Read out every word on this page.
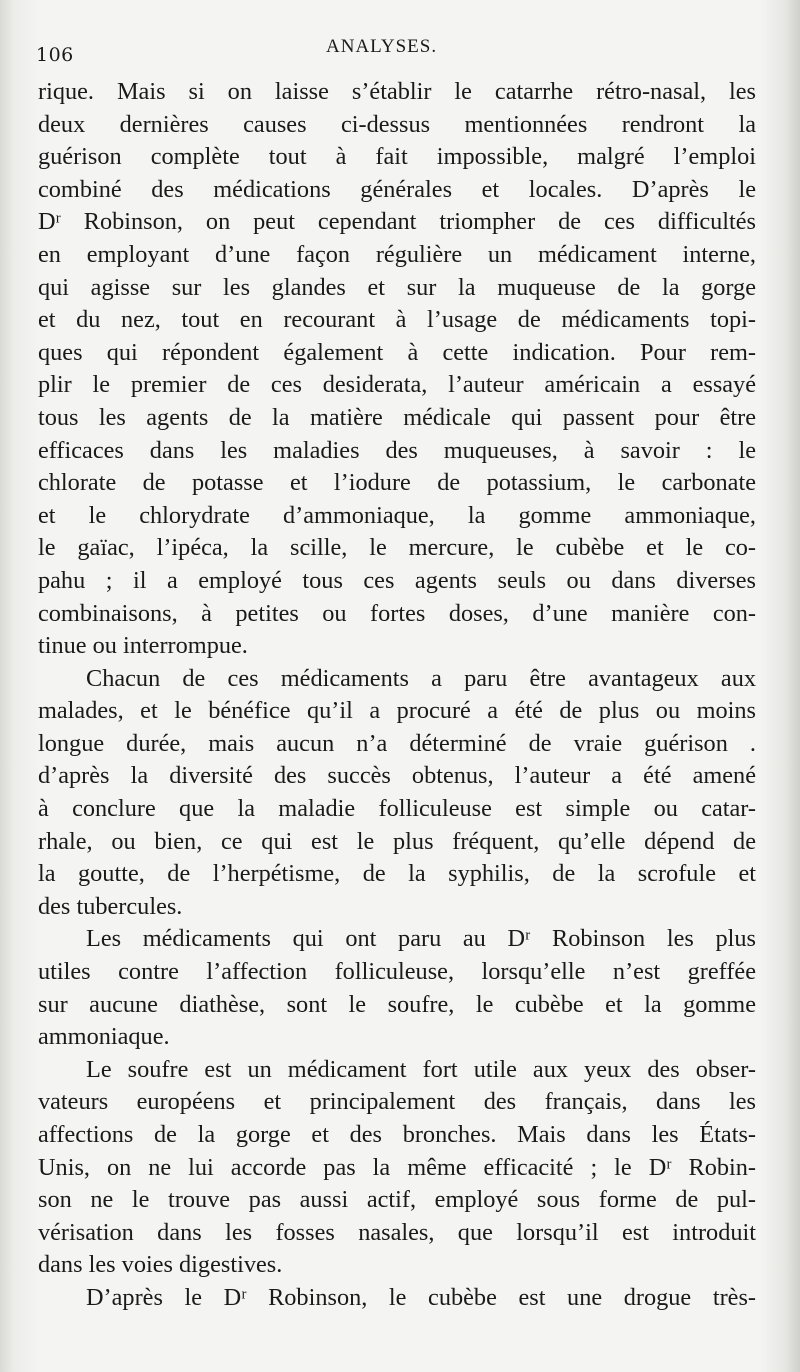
106	ANALYSES.
rique. Mais si on laisse s’établir le catarrhe rétro-nasal, les
deux dernières causes ci-dessus mentionnées rendront la
guérison complète tout à fait impossible, malgré l’emploi
combiné des médications générales et locales. D’après le
Dʳ Robinson, on peut cependant triompher de ces difficultés
en employant d’une façon régulière un médicament interne,
qui agisse sur les glandes et sur la muqueuse de la gorge
et du nez, tout en recourant à l’usage de médicaments topi-
ques qui répondent également à cette indication. Pour rem-
plir le premier de ces desiderata, l’auteur américain a essayé
tous les agents de la matière médicale qui passent pour être
efficaces dans les maladies des muqueuses, à savoir : le
chlorate de potasse et l’iodure de potassium, le carbonate
et le chlorydrate d’ammoniaque, la gomme ammoniaque,
le gaïac, l’ipéca, la scille, le mercure, le cubèbe et le co-
pahu ; il a employé tous ces agents seuls ou dans diverses
combinaisons, à petites ou fortes doses, d’une manière con-
tinue ou interrompue.
Chacun de ces médicaments a paru être avantageux aux
malades, et le bénéfice qu’il a procuré a été de plus ou moins
longue durée, mais aucun n’a déterminé de vraie guérison .
d’après la diversité des succès obtenus, l’auteur a été amené
à conclure que la maladie folliculeuse est simple ou catar-
rhale, ou bien, ce qui est le plus fréquent, qu’elle dépend de
la goutte, de l’herpétisme, de la syphilis, de la scrofule et
des tubercules.
Les médicaments qui ont paru au Dʳ Robinson les plus
utiles contre l’affection folliculeuse, lorsqu’elle n’est greffée
sur aucune diathèse, sont le soufre, le cubèbe et la gomme
ammoniaque.
Le soufre est un médicament fort utile aux yeux des obser-
vateurs européens et principalement des français, dans les
affections de la gorge et des bronches. Mais dans les États-
Unis, on ne lui accorde pas la même efficacité ; le Dʳ Robin-
son ne le trouve pas aussi actif, employé sous forme de pul-
vérisation dans les fosses nasales, que lorsqu’il est introduit
dans les voies digestives.
D’après le Dʳ Robinson, le cubèbe est une drogue très-
